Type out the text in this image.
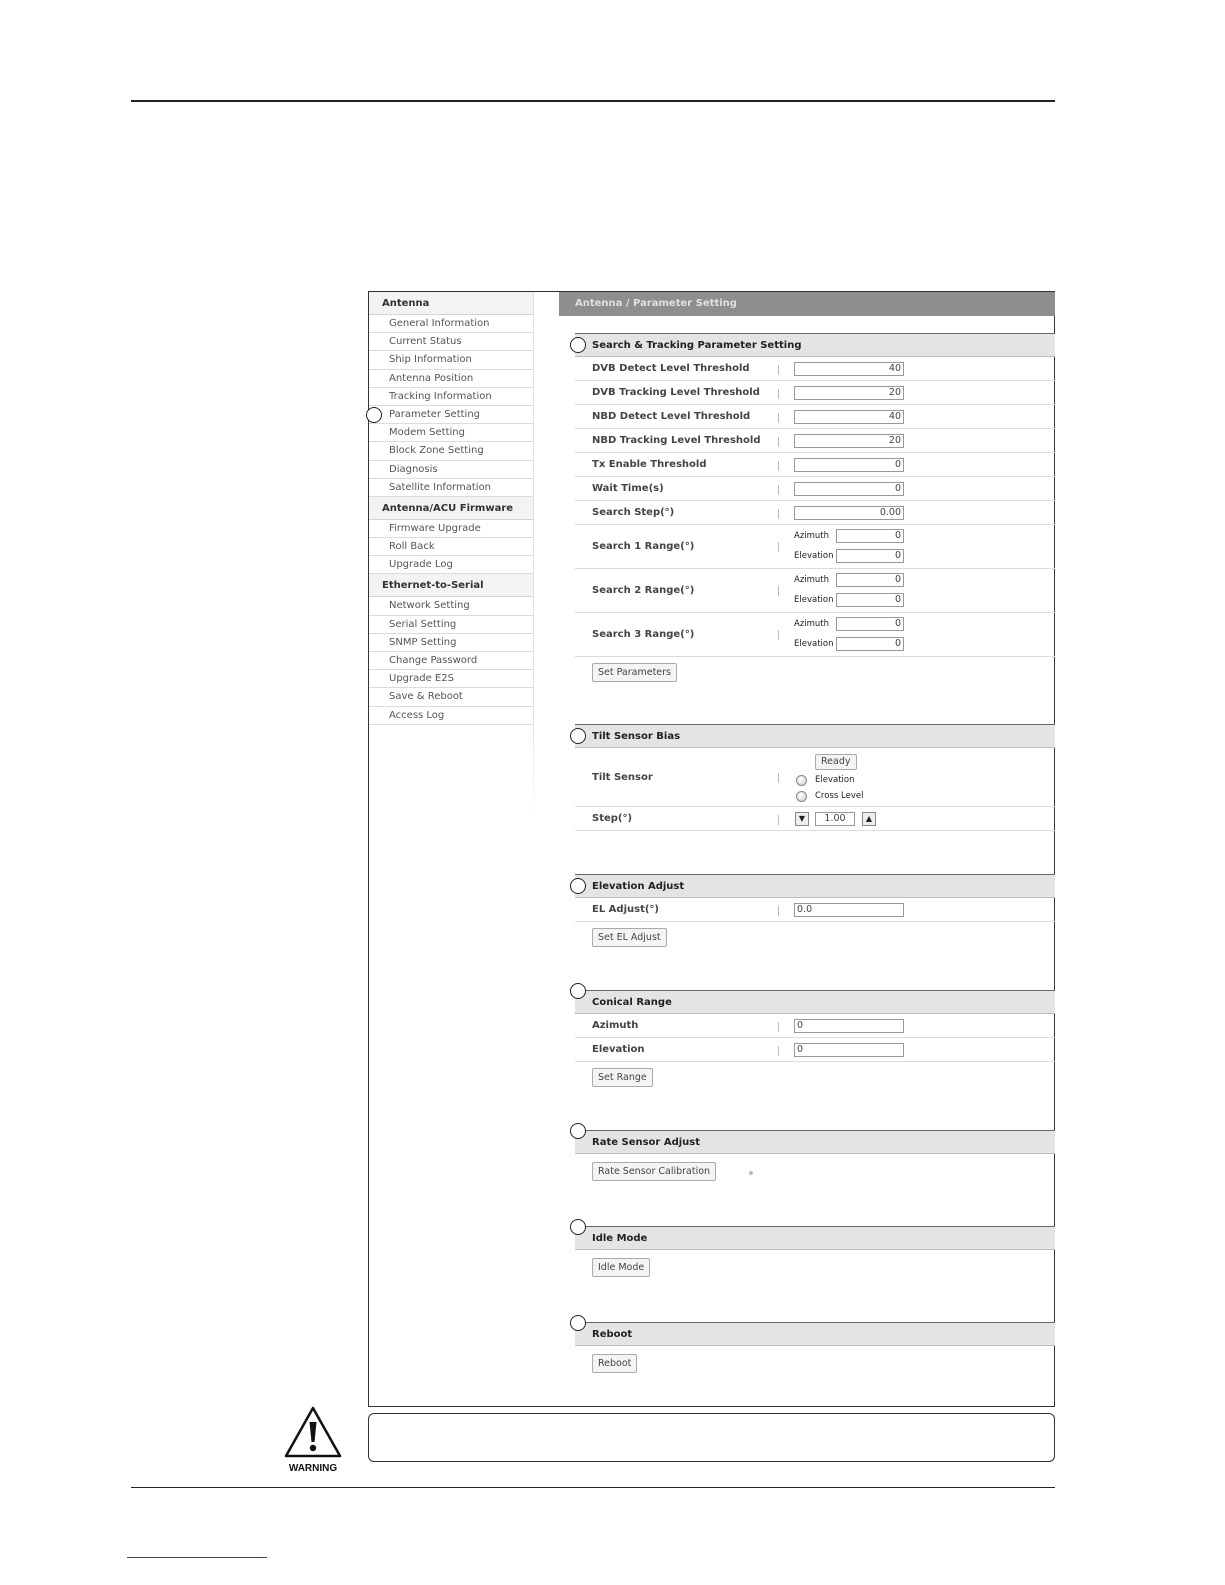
Antenna
General Information
Current Status
Ship Information
Antenna Position
Tracking Information
Parameter Setting
Modem Setting
Block Zone Setting
Diagnosis
Satellite Information
Antenna/ACU Firmware
Firmware Upgrade
Roll Back
Upgrade Log
Ethernet-to-Serial
Network Setting
Serial Setting
SNMP Setting
Change Password
Upgrade E2S
Save & Reboot
Access Log
Antenna / Parameter Setting
Search & Tracking Parameter Setting
DVB Detect Level Threshold	40
DVB Tracking Level Threshold	20
NBD Detect Level Threshold	40
NBD Tracking Level Threshold	20
Tx Enable Threshold	0
Wait Time(s)	0
Search Step(°)	0.00
Search 1 Range(°)
Azimuth	0
Elevation	0
Search 2 Range(°)
Azimuth	0
Elevation	0
Search 3 Range(°)
Azimuth	0
Elevation	0
Set Parameters
Tilt Sensor Bias
Tilt Sensor
Ready
Elevation
Cross Level
Step(°)	▼	1.00	▲
Elevation Adjust
EL Adjust(°)	0.0
Set EL Adjust
Conical Range
Azimuth	0
Elevation	0
Set Range
Rate Sensor Adjust
Rate Sensor Calibration
Idle Mode
Idle Mode
Reboot
Reboot
WARNING
